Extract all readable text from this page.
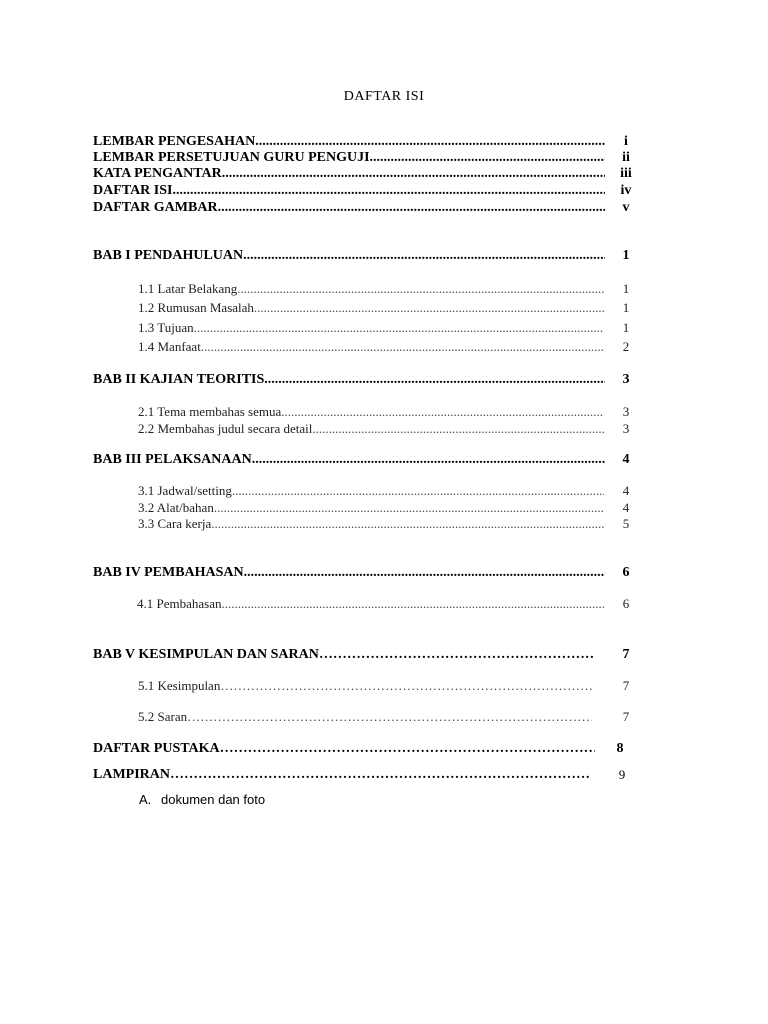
DAFTAR ISI
LEMBAR PENGESAHAN .....	i
LEMBAR PERSETUJUAN GURU PENGUJI .....	ii
KATA PENGANTAR .....	iii
DAFTAR ISI .....	iv
DAFTAR GAMBAR .....	v
BAB I PENDAHULUAN .....	1
1.1 Latar Belakang .....	1
1.2 Rumusan Masalah .....	1
1.3 Tujuan .....	1
1.4 Manfaat .....	2
BAB II KAJIAN TEORITIS .....	3
2.1 Tema membahas semua .....	3
2.2 Membahas judul secara detail .....	3
BAB III PELAKSANAAN .....	4
3.1 Jadwal/setting .....	4
3.2 Alat/bahan .....	4
3.3 Cara kerja .....	5
BAB IV PEMBAHASAN .....	6
4.1 Pembahasan .....	6
BAB V KESIMPULAN DAN SARAN ………………………………………………………………………………………………………………………………………………………………………………………………………………………………………………	7
5.1 Kesimpulan ………………………………………………………………………………………………………………………………………………………………………………………………………………………………………………	7
5.2 Saran ………………………………………………………………………………………………………………………………………………………………………………………………………………………………………………	7
DAFTAR PUSTAKA ………………………………………………………………………………………………………………………………………………………………………………………………………………………………………………	8
LAMPIRAN ………………………………………………………………………………………………………………………………………………………………………………………………………………………………………………	9
A. dokumen dan foto
